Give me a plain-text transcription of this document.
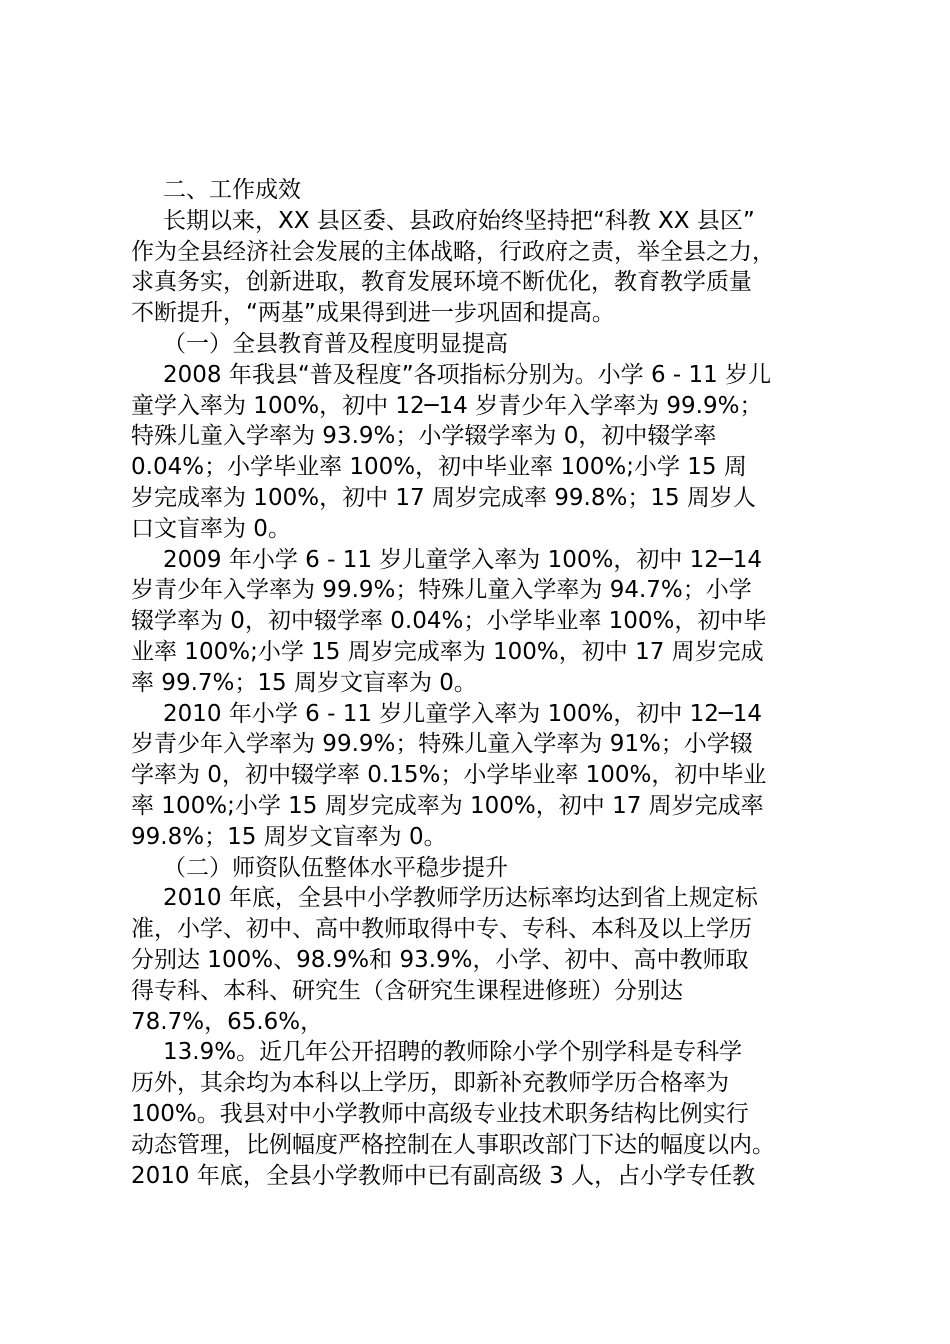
二、工作成效
长期以来，XX 县区委、县政府始终坚持把“科教 XX 县区”
作为全县经济社会发展的主体战略，行政府之责，举全县之力，
求真务实，创新进取，教育发展环境不断优化，教育教学质量
不断提升，“两基”成果得到进一步巩固和提高。
（一）全县教育普及程度明显提高
2008 年我县“普及程度”各项指标分别为。小学 6 - 11 岁儿
童学入率为 100%，初中 12─14 岁青少年入学率为 99.9%；
特殊儿童入学率为 93.9%；小学辍学率为 0，初中辍学率
0.04%；小学毕业率 100%，初中毕业率 100%;小学 15 周
岁完成率为 100%，初中 17 周岁完成率 99.8%；15 周岁人
口文盲率为 0。
2009 年小学 6 - 11 岁儿童学入率为 100%，初中 12─14
岁青少年入学率为 99.9%；特殊儿童入学率为 94.7%；小学
辍学率为 0，初中辍学率 0.04%；小学毕业率 100%，初中毕
业率 100%;小学 15 周岁完成率为 100%，初中 17 周岁完成
率 99.7%；15 周岁文盲率为 0。
2010 年小学 6 - 11 岁儿童学入率为 100%，初中 12─14
岁青少年入学率为 99.9%；特殊儿童入学率为 91%；小学辍
学率为 0，初中辍学率 0.15%；小学毕业率 100%，初中毕业
率 100%;小学 15 周岁完成率为 100%，初中 17 周岁完成率
99.8%；15 周岁文盲率为 0。
（二）师资队伍整体水平稳步提升
2010 年底，全县中小学教师学历达标率均达到省上规定标
准，小学、初中、高中教师取得中专、专科、本科及以上学历
分别达 100%、98.9%和 93.9%，小学、初中、高中教师取
得专科、本科、研究生（含研究生课程进修班）分别达
78.7%，65.6%，
13.9%。近几年公开招聘的教师除小学个别学科是专科学
历外，其余均为本科以上学历，即新补充教师学历合格率为
100%。我县对中小学教师中高级专业技术职务结构比例实行
动态管理，比例幅度严格控制在人事职改部门下达的幅度以内。
2010 年底，全县小学教师中已有副高级 3 人，占小学专任教
